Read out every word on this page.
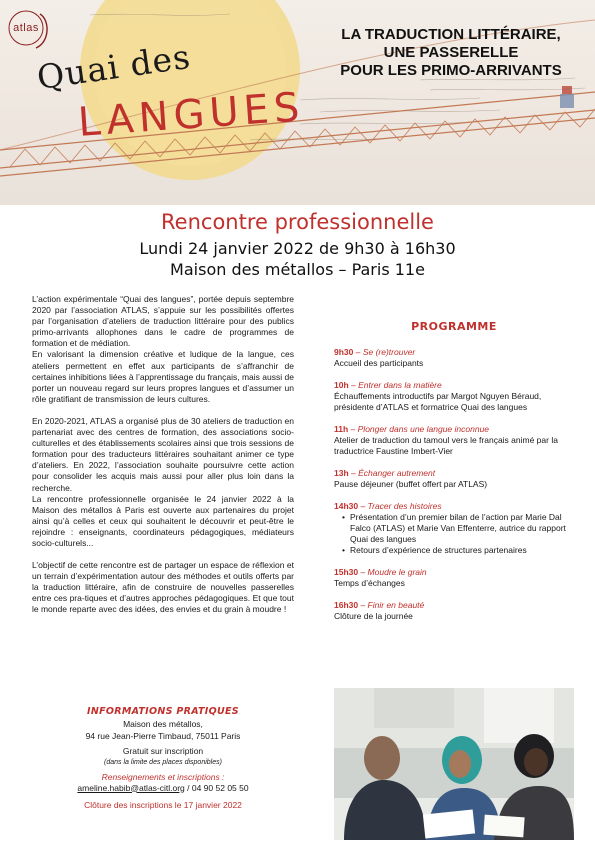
atlas
Quai des
LANGUES
LA TRADUCTION LITTÉRAIRE,
UNE PASSERELLE
POUR LES PRIMO-ARRIVANTS
Rencontre professionnelle
Lundi 24 janvier 2022 de 9h30 à 16h30
Maison des métallos – Paris 11e

L’action expérimentale “Quai des langues”, portée depuis septembre 2020 par l’association ATLAS, s’appuie sur les possibilités offertes par l’organisation d’ateliers de traduction littéraire pour des publics primo-arrivants allophones dans le cadre de programmes de formation et de médiation.

En valorisant la dimension créative et ludique de la langue, ces ateliers permettent en effet aux participants de s’affranchir de certaines inhibitions liées à l’apprentissage du français, mais aussi de porter un nouveau regard sur leurs propres langues et d’assumer un rôle gratifiant de transmission de leurs cultures.

En 2020-2021, ATLAS a organisé plus de 30 ateliers de traduction en partenariat avec des centres de formation, des associations socio-culturelles et des établissements scolaires ainsi que trois sessions de formation pour des traducteurs littéraires souhaitant animer ce type d’ateliers. En 2022, l’association souhaite poursuivre cette action pour consolider les acquis mais aussi pour aller plus loin dans la recherche.

La rencontre professionnelle organisée le 24 janvier 2022 à la Maison des métallos à Paris est ouverte aux partenaires du projet ainsi qu’à celles et ceux qui souhaitent le découvrir et peut-être le rejoindre : enseignants, coordinateurs pédagogiques, médiateurs socio-culturels...

L’objectif de cette rencontre est de partager un espace de réflexion et un terrain d’expérimentation autour des méthodes et outils offerts par la traduction littéraire, afin de construire de nouvelles passerelles entre ces pra-tiques et d’autres approches pédagogiques. Et que tout le monde reparte avec des idées, des envies et du grain à moudre !

INFORMATIONS PRATIQUES
Maison des métallos,
94 rue Jean-Pierre Timbaud, 75011 Paris
Gratuit sur inscription
(dans la limite des places disponibles)
Renseignements et inscriptions :
ameline.habib@atlas-citl.org / 04 90 52 05 50
Clôture des inscriptions le 17 janvier 2022
PROGRAMME
9h30 – Se (re)trouver
Accueil des participants
10h – Entrer dans la matière
Échauffements introductifs par Margot Nguyen Béraud, présidente d’ATLAS et formatrice Quai des langues
11h – Plonger dans une langue inconnue
Atelier de traduction du tamoul vers le français animé par la traductrice Faustine Imbert-Vier
13h – Échanger autrement
Pause déjeuner (buffet offert par ATLAS)
14h30 – Tracer des histoires
• Présentation d’un premier bilan de l’action par Marie Dal Falco (ATLAS) et Marie Van Effenterre, autrice du rapport Quai des langues
• Retours d’expérience de structures partenaires
15h30 – Moudre le grain
Temps d’échanges
16h30 – Finir en beauté
Clôture de la journée
